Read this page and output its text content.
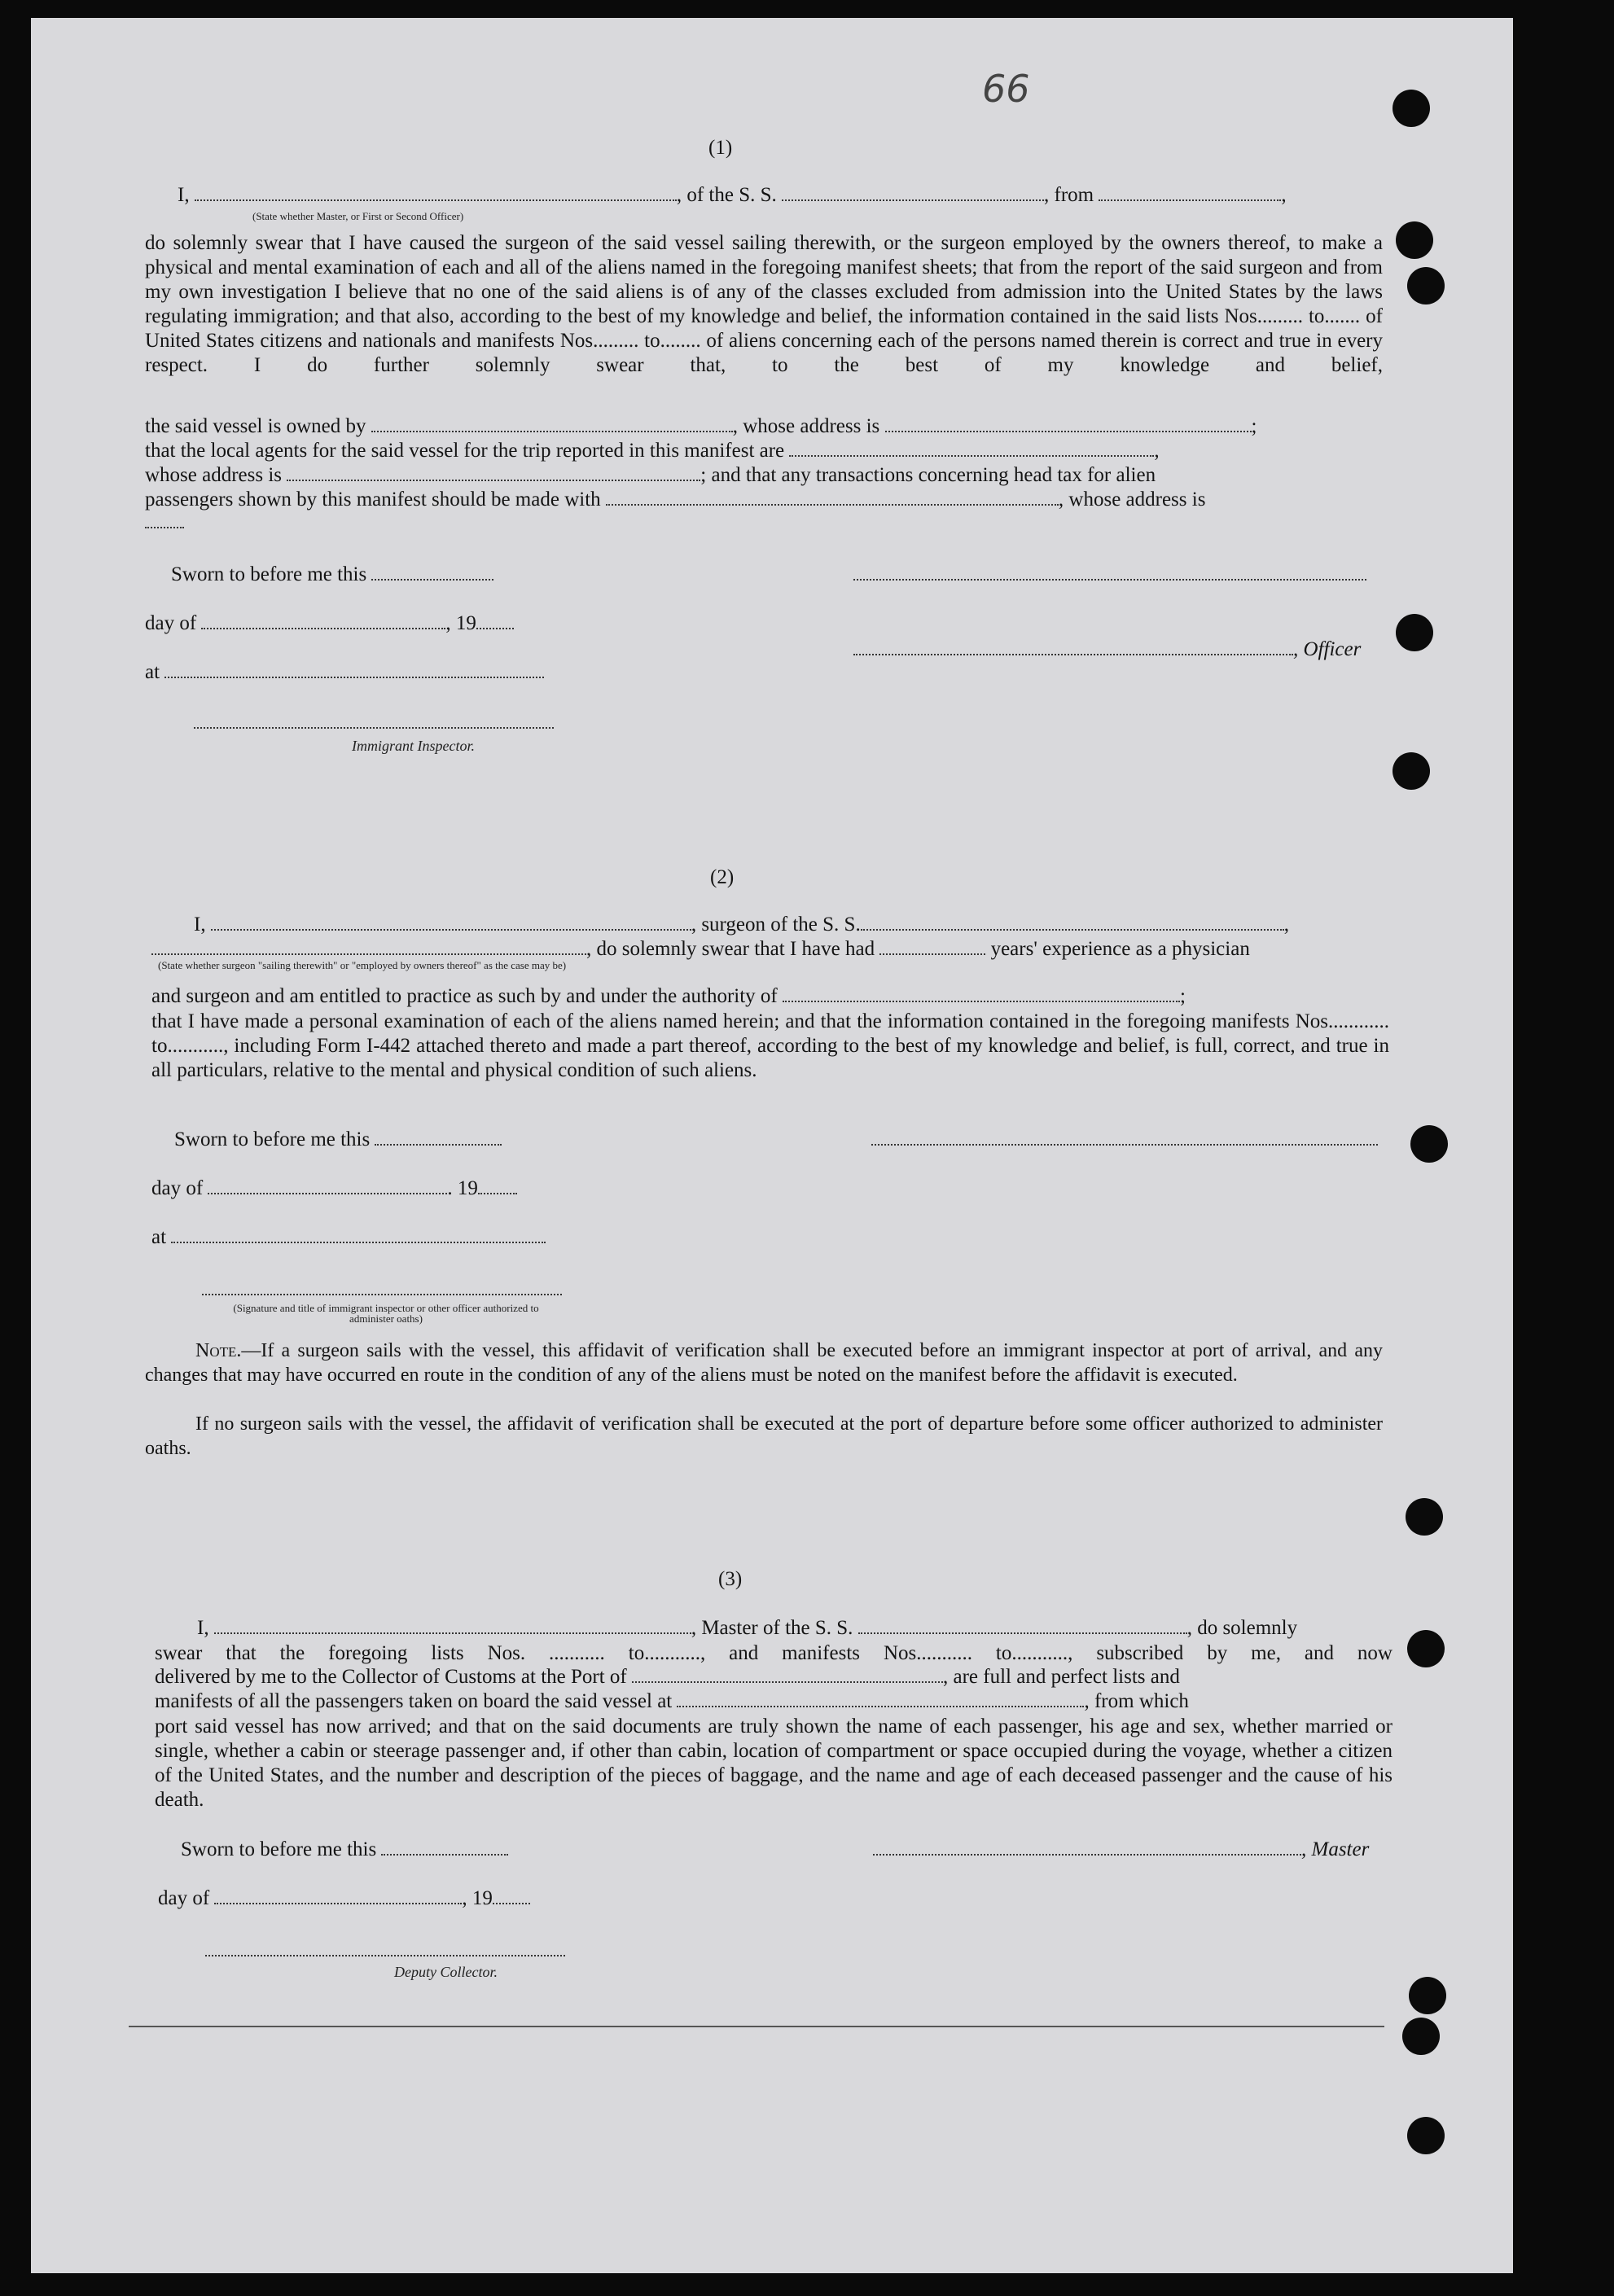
66
(1)
I,	, of the S. S.	, from	,
(State whether Master, or First or Second Officer)
do solemnly swear that I have caused the surgeon of the said vessel sailing therewith, or the surgeon employed by the owners thereof, to make a physical and mental examination of each and all of the aliens named in the foregoing manifest sheets; that from the report of the said surgeon and from my own investigation I believe that no one of the said aliens is of any of the classes excluded from admission into the United States by the laws regulating immigration; and that also, according to the best of my knowledge and belief, the information contained in the said lists Nos......... to....... of United States citizens and nationals and manifests Nos......... to........ of aliens concerning each of the persons named therein is correct and true in every respect. I do further solemnly swear that, to the best of my knowledge and belief,
the said vessel is owned by	, whose address is	;
that the local agents for the said vessel for the trip reported in this manifest are	,
whose address is	; and that any transactions concerning head tax for alien
passengers shown by this manifest should be made with	, whose address is
Sworn to before me this
day of	, 19
, Officer
at
Immigrant Inspector.
(2)
I,	, surgeon of the S. S.	,
, do solemnly swear that I have had	years' experience as a physician
(State whether surgeon "sailing therewith" or "employed by owners thereof" as the case may be)
and surgeon and am entitled to practice as such by and under the authority of	;
that I have made a personal examination of each of the aliens named herein; and that the information contained in the foregoing manifests Nos............ to..........., including Form I-442 attached thereto and made a part thereof, according to the best of my knowledge and belief, is full, correct, and true in all particulars, relative to the mental and physical condition of such aliens.
Sworn to before me this
day of	. 19
at
(Signature and title of immigrant inspector or other officer authorized to administer oaths)
Note.—If a surgeon sails with the vessel, this affidavit of verification shall be executed before an immigrant inspector at port of arrival, and any changes that may have occurred en route in the condition of any of the aliens must be noted on the manifest before the affidavit is executed.
If no surgeon sails with the vessel, the affidavit of verification shall be executed at the port of departure before some officer authorized to administer oaths.
(3)
I,	, Master of the S. S.	, do solemnly
swear that the foregoing lists Nos. ........... to..........., and manifests Nos........... to..........., subscribed by me, and now
delivered by me to the Collector of Customs at the Port of	, are full and perfect lists and
manifests of all the passengers taken on board the said vessel at	, from which
port said vessel has now arrived; and that on the said documents are truly shown the name of each passenger, his age and sex, whether married or single, whether a cabin or steerage passenger and, if other than cabin, location of compartment or space occupied during the voyage, whether a citizen of the United States, and the number and description of the pieces of baggage, and the name and age of each deceased passenger and the cause of his death.
Sworn to before me this	, Master
day of	, 19
Deputy Collector.
